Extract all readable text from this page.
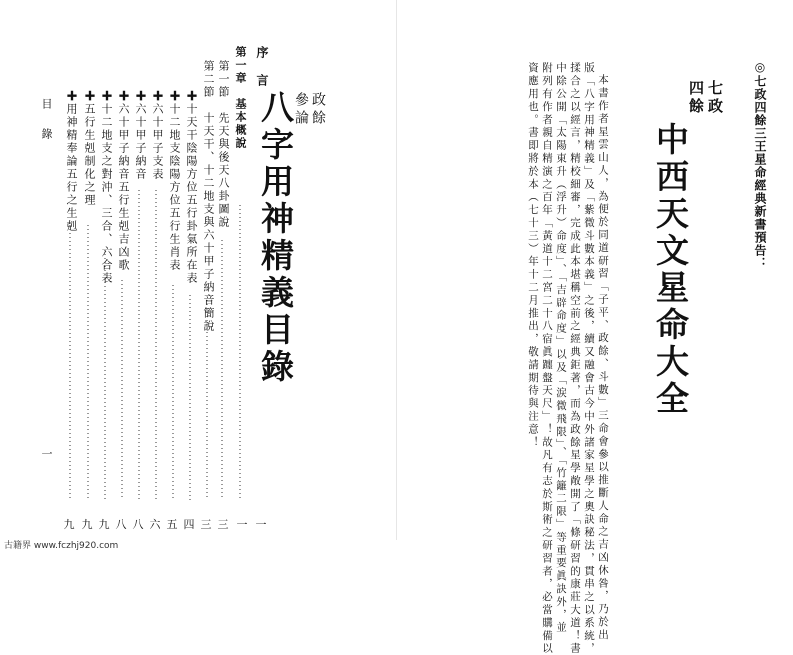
◎七政四餘三王星命經典新書預告：
七政
四餘
中西天文星命大全
本書作者星雲山人，為便於同道研習「子平、政餘、斗數」三命會參以推斷人命之吉凶休咎，乃於出
版「八字用神精義」及「紫微斗數本義」之後，續又融會古今中外諸家星學之奧訣秘法，貫串之以系統，
揉合之以經言，精校細審，完成此本堪稱空前之經典鉅著，而為政餘星學敞開了「條研習的康莊大道！書
中除公開「太陽東升（浮升）命度」、「吉辟命度」以及「涙微飛限」、「竹籬二限」等重要眞訣外，並
附列有作者親自精演之百年「黃道十二宮二十八宿眞躔盤天尺」！故凡有志於斯術之研習者，必當購備以
資應用也。書即將於本（七十三）年十二月推出，敬請期待與注意！
政餘
參論
八字用神精義目錄
序　言
第一章　基本概說
第一節　先天與後天八卦圖說
第二節　十天干、十二地支與六十甲子納音簡說
✚十天干陰陽方位五行卦氣所在表
✚十二地支陰陽方位五行生肖表
✚六十甲子支表
✚六十甲子納音
✚六十甲子納音五行生剋吉凶歌
✚十二地支之對沖、三合、六合表
✚五行生剋制化之理
✚用神精奉論五行之生剋
一
一
三
三
四
五
六
八
八
九
九
九
目　錄
一
古籍界 www.fczhj920.com
